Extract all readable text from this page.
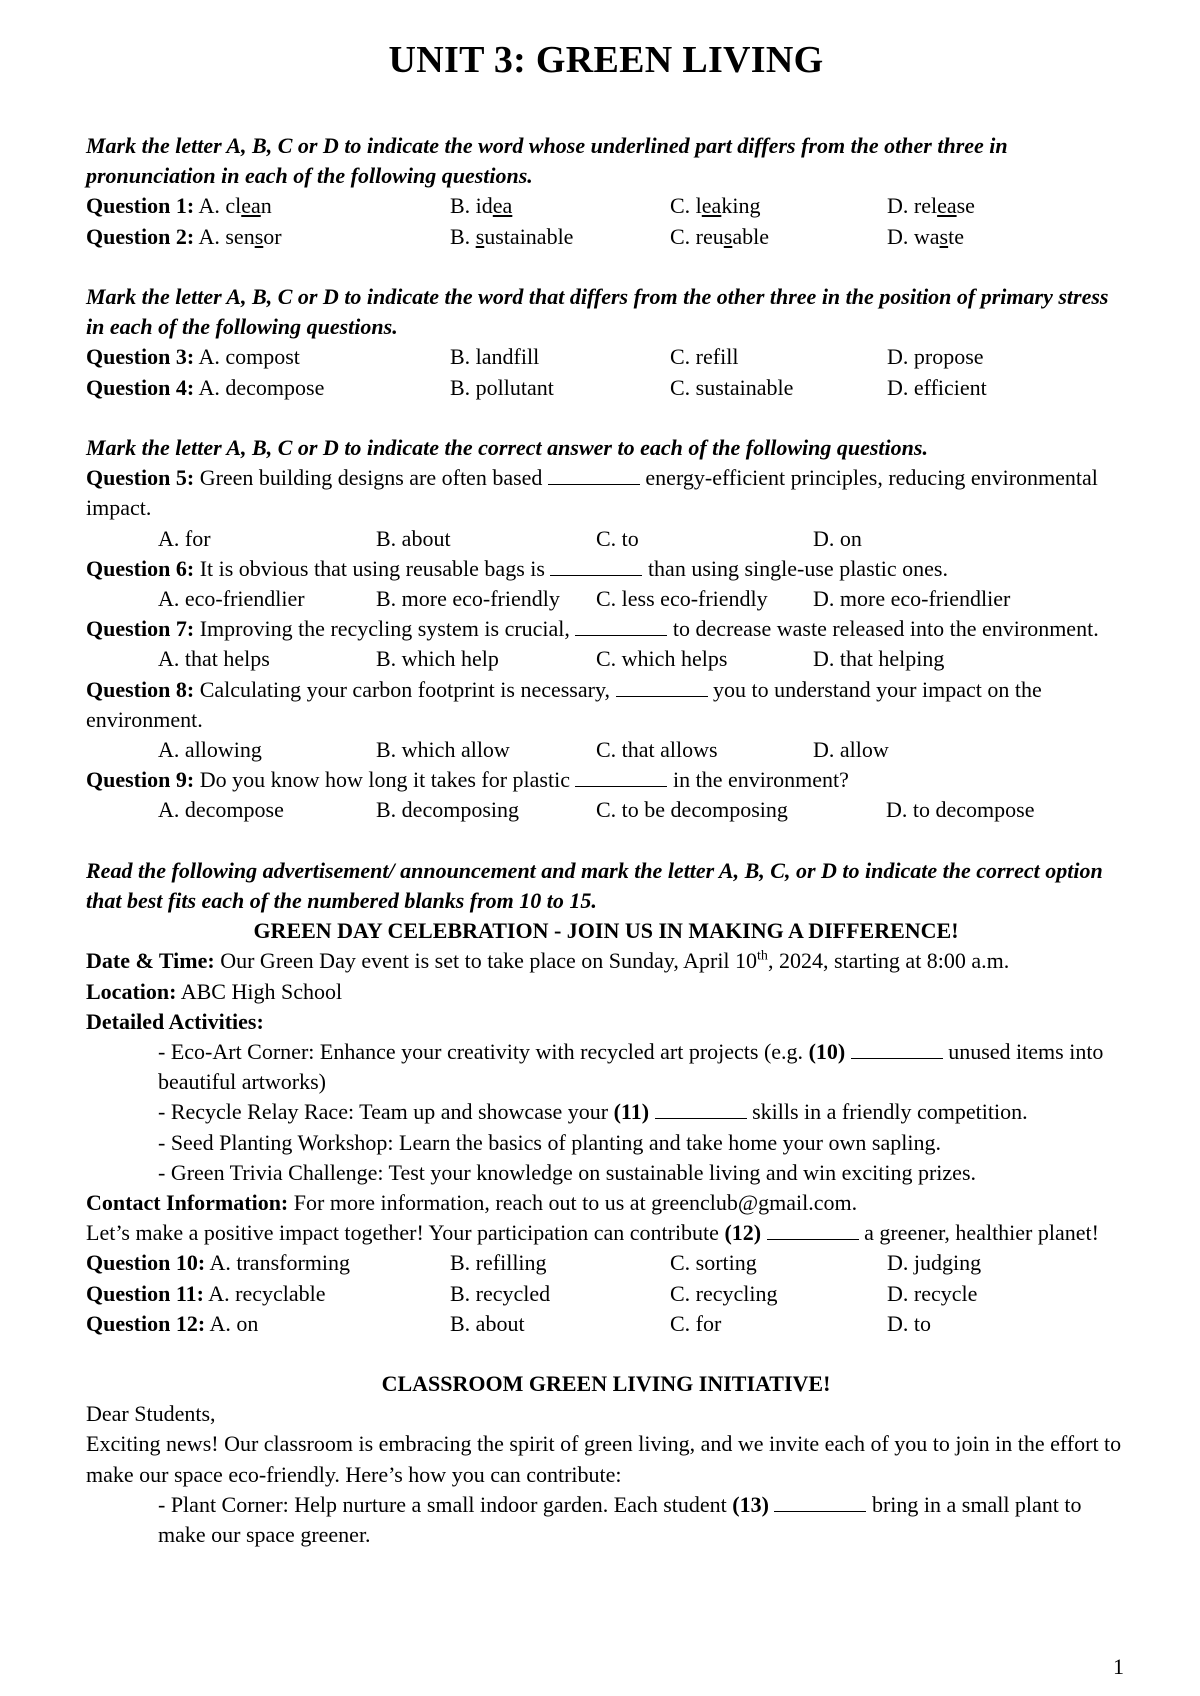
UNIT 3: GREEN LIVING

Mark the letter A, B, C or D to indicate the word whose underlined part differs from the other three in pronunciation in each of the following questions.

Question 1: A. clean	B. idea	C. leaking	D. release
Question 2: A. sensor	B. sustainable	C. reusable	D. waste

Mark the letter A, B, C or D to indicate the word that differs from the other three in the position of primary stress in each of the following questions.

Question 3: A. compost	B. landfill	C. refill	D. propose
Question 4: A. decompose	B. pollutant	C. sustainable	D. efficient

Mark the letter A, B, C or D to indicate the correct answer to each of the following questions.

Question 5: Green building designs are often based	energy-efficient principles, reducing environmental impact.

A. for	B. about	C. to	D. on

Question 6: It is obvious that using reusable bags is	than using single-use plastic ones.

A. eco-friendlier	B. more eco-friendly C. less eco-friendly D. more eco-friendlier

Question 7: Improving the recycling system is crucial,	to decrease waste released into the environment.

A. that helps	B. which help	C. which helps	D. that helping

Question 8: Calculating your carbon footprint is necessary,	you to understand your impact on the environment.

A. allowing	B. which allow	C. that allows	D. allow

Question 9: Do you know how long it takes for plastic	in the environment?

A. decompose	B. decomposing	C. to be decomposing	D. to decompose

Read the following advertisement/ announcement and mark the letter A, B, C, or D to indicate the correct option that best fits each of the numbered blanks from 10 to 15.

GREEN DAY CELEBRATION - JOIN US IN MAKING A DIFFERENCE!

Date & Time: Our Green Day event is set to take place on Sunday, April 10th, 2024, starting at 8:00 a.m.

Location: ABC High School

Detailed Activities:

- Eco-Art Corner: Enhance your creativity with recycled art projects (e.g. (10)	unused items into beautiful artworks)

- Recycle Relay Race: Team up and showcase your (11)	skills in a friendly competition.

- Seed Planting Workshop: Learn the basics of planting and take home your own sapling.

- Green Trivia Challenge: Test your knowledge on sustainable living and win exciting prizes.

Contact Information: For more information, reach out to us at greenclub@gmail.com.

Let’s make a positive impact together! Your participation can contribute (12)	a greener, healthier planet!

Question 10: A. transforming	B. refilling	C. sorting	D. judging
Question 11: A. recyclable	B. recycled	C. recycling	D. recycle
Question 12: A. on	B. about	C. for	D. to

CLASSROOM GREEN LIVING INITIATIVE!

Dear Students,

Exciting news! Our classroom is embracing the spirit of green living, and we invite each of you to join in the effort to make our space eco-friendly. Here’s how you can contribute:

- Plant Corner: Help nurture a small indoor garden. Each student (13)	bring in a small plant to make our space greener.

1
